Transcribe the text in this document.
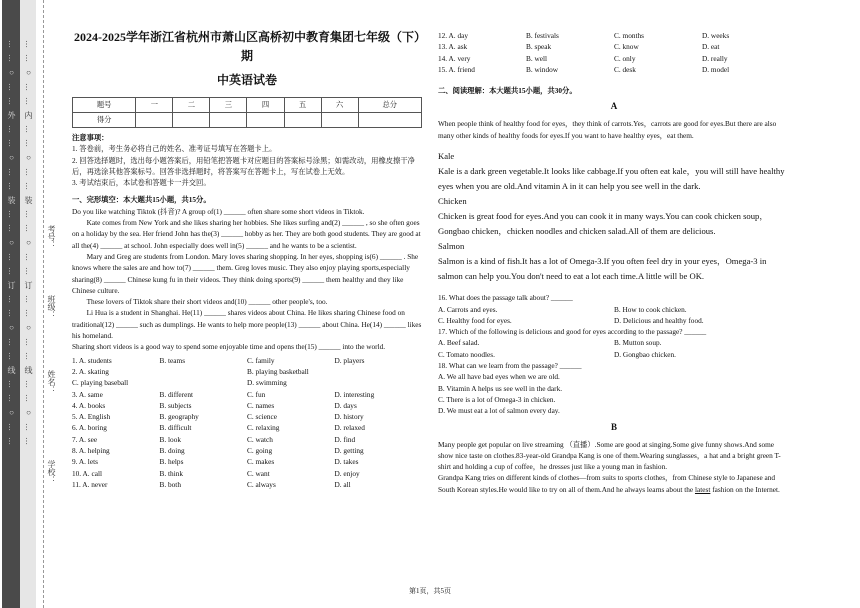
……○……外……○……装……○……订……○……线……○…… ……○……内……○……装……○……订……○……线……○……
学校：
姓名：
班级：
考号：
2024-2025学年浙江省杭州市萧山区高桥初中教育集团七年级（下）期
中英语试卷
题号	一	二	三	四	五	六	总分
得分							

注意事项：

1. 答卷前，考生务必将自己的姓名、准考证号填写在答题卡上。

2. 回答选择题时，选出每小题答案后，用铅笔把答题卡对应题目的答案标号涂黑；如需改动，用橡皮擦干净后，再选涂其他答案标号。回答非选择题时，将答案写在答题卡上，写在试卷上无效。

3. 考试结束后，本试卷和答题卡一并交回。

一、完形填空：本大题共15小题，共15分。

Do you like watching Tiktok (抖音)? A group of(1) ______ often share some short videos in Tiktok.

Kate comes from New York and she likes sharing her hobbies. She likes surfing and(2) ______ , so she often goes on a holiday by the sea. Her friend John has the(3) ______ hobby as her. They are both good students. They are good at all the(4) ______ at school. John especially does well in(5) ______ and he wants to be a scientist.

Mary and Greg are students from London. Mary loves sharing shopping. In her eyes, shopping is(6) ______ . She knows where the sales are and how to(7) ______ them. Greg loves music. They also enjoy playing sports,especially sharing(8) ______ Chinese kung fu in their videos. They think doing sports(9) ______ them healthy and they like Chinese culture.

These lovers of Tiktok share their short videos and(10) ______ other people's, too.

Li Hua is a student in Shanghai. He(11) ______ shares videos about China. He likes sharing Chinese food on traditional(12) ______ such as dumplings. He wants to help more people(13) ______ about China. He(14) ______ likes his homeland.

Sharing short videos is a good way to spend some enjoyable time and opens the(15) ______ into the world.

1. A. students	B. teams	C. family	D. players
2. A. skating	B. playing basketball
C. playing baseball	D. swimming
3. A. same	B. different	C. fun	D. interesting
4. A. books	B. subjects	C. names	D. days
5. A. English	B. geography	C. science	D. history
6. A. boring	B. difficult	C. relaxing	D. relaxed
7. A. see	B. look	C. watch	D. find
8. A. helping	B. doing	C. going	D. getting
9. A. lets	B. helps	C. makes	D. takes
10. A. call	B. think	C. want	D. enjoy
11. A. never	B. both	C. always	D. all
12. A. day	B. festivals	C. months	D. weeks
13. A. ask	B. speak	C. know	D. eat
14. A. very	B. well	C. only	D. really
15. A. friend	B. window	C. desk	D. model

二、阅读理解：本大题共15小题，共30分。

A

When people think of healthy food for eyes，they think of carrots.Yes，carrots are good for eyes.But there are also many other kinds of healthy foods for eyes.If you want to have healthy eyes，eat them.

Kale

Kale is a dark green vegetable.It looks like cabbage.If you often eat kale，you will still have healthy eyes when you are old.And vitamin A in it can help you see well in the dark.

Chicken

Chicken is great food for eyes.And you can cook it in many ways.You can cook chicken soup，Gongbao chicken，chicken noodles and chicken salad.All of them are delicious.

Salmon

Salmon is a kind of fish.It has a lot of Omega-3.If you often feel dry in your eyes，Omega-3 in salmon can help you.You don't need to eat a lot each time.A little will be OK.

16. What does the passage talk about? ______

A. Carrots and eyes.	B. How to cook chicken.
C. Healthy food for eyes.	D. Delicious and healthy food.

17. Which of the following is delicious and good for eyes according to the passage? ______

A. Beef salad.	B. Mutton soup.
C. Tomato noodles.	D. Gongbao chicken.

18. What can we learn from the passage? ______

A. We all have bad eyes when we are old.

B. Vitamin A helps us see well in the dark.

C. There is a lot of Omega-3 in chicken.

D. We must eat a lot of salmon every day.

B

Many people get popular on live streaming （直播）.Some are good at singing.Some give funny shows.And some show nice taste on clothes.83-year-old Grandpa Kang is one of them.Wearing sunglasses，a hat and a bright green T-shirt and holding a cup of coffee，he dresses just like a young man in fashion.

Grandpa Kang tries on different kinds of clothes—from suits to sports clothes，from Chinese style to Japanese and South Korean styles.He would like to try on all of them.And he always learns about the latest fashion on the Internet.

第1页，共5页
